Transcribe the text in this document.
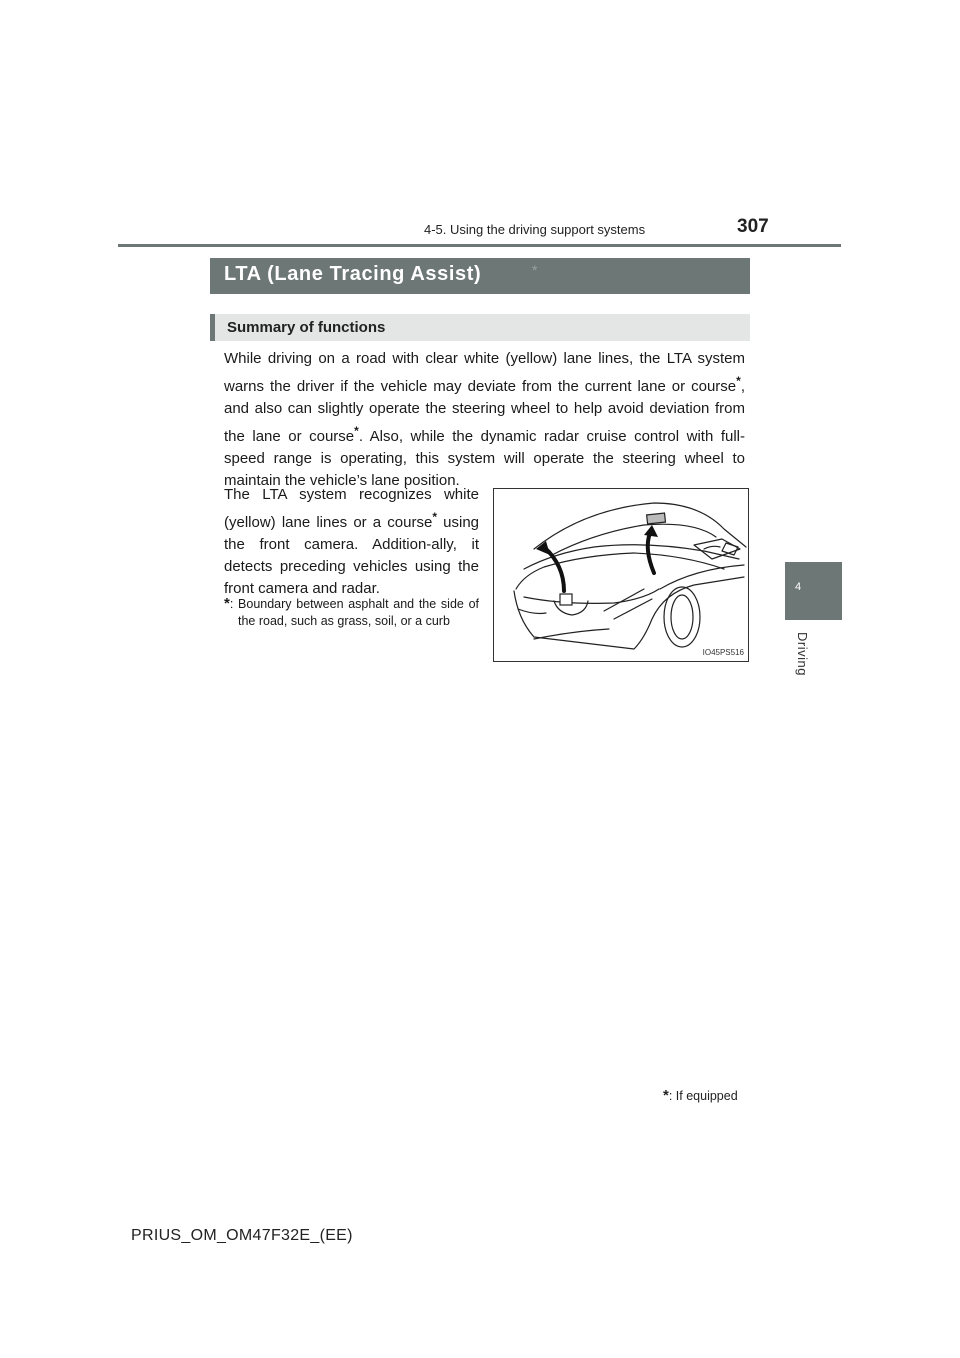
4-5. Using the driving support systems	307
4
Driving
LTA (Lane Tracing Assist)	*
Summary of functions
While driving on a road with clear white (yellow) lane lines, the LTA system warns the driver if the vehicle may deviate from the current lane or course*, and also can slightly operate the steering wheel to help avoid deviation from the lane or course*. Also, while the dynamic radar cruise control with full-speed range is operating, this system will operate the steering wheel to maintain the vehicle’s lane position.
The LTA system recognizes white (yellow) lane lines or a course* using the front camera. Addition-ally, it detects preceding vehicles using the front camera and radar.
*: Boundary between asphalt and the side of the road, such as grass, soil, or a curb
IO45PS516
*: If equipped
PRIUS_OM_OM47F32E_(EE)
